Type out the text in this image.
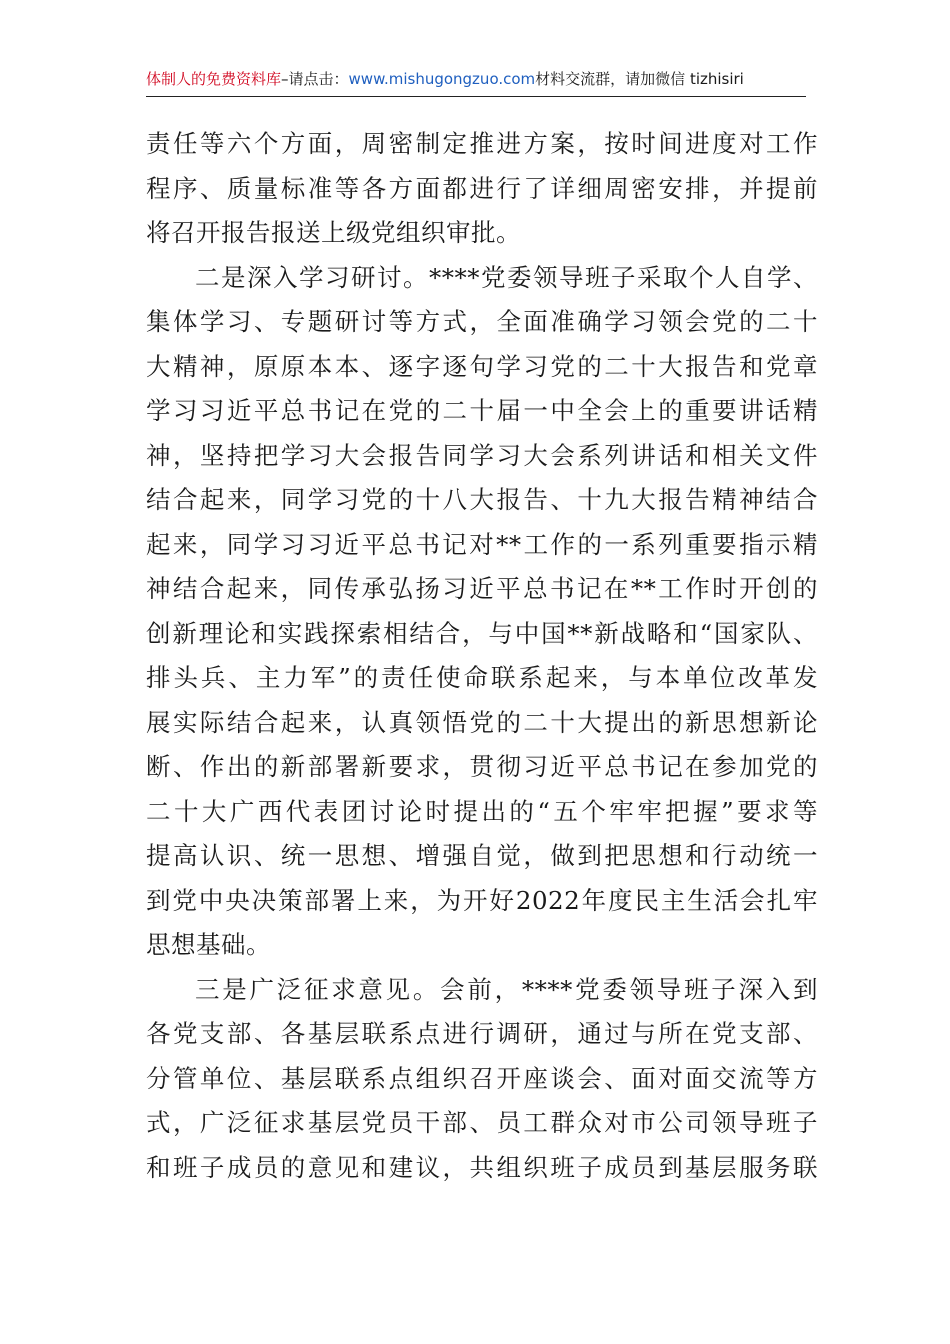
体制人的免费资料库–请点击：www.mishugongzuo.com材料交流群，请加微信 tizhisiri
责任等六个方面，周密制定推进方案，按时间进度对工作
程序、质量标准等各方面都进行了详细周密安排，并提前
将召开报告报送上级党组织审批。
二是深入学习研讨。****党委领导班子采取个人自学、
集体学习、专题研讨等方式，全面准确学习领会党的二十
大精神，原原本本、逐字逐句学习党的二十大报告和党章
学习习近平总书记在党的二十届一中全会上的重要讲话精
神，坚持把学习大会报告同学习大会系列讲话和相关文件
结合起来，同学习党的十八大报告、十九大报告精神结合
起来，同学习习近平总书记对**工作的一系列重要指示精
神结合起来，同传承弘扬习近平总书记在**工作时开创的
创新理论和实践探索相结合，与中国**新战略和“国家队、
排头兵、主力军”的责任使命联系起来，与本单位改革发
展实际结合起来，认真领悟党的二十大提出的新思想新论
断、作出的新部署新要求，贯彻习近平总书记在参加党的
二十大广西代表团讨论时提出的“五个牢牢把握”要求等
提高认识、统一思想、增强自觉，做到把思想和行动统一
到党中央决策部署上来，为开好2022年度民主生活会扎牢
思想基础。
三是广泛征求意见。会前，****党委领导班子深入到
各党支部、各基层联系点进行调研，通过与所在党支部、
分管单位、基层联系点组织召开座谈会、面对面交流等方
式，广泛征求基层党员干部、员工群众对市公司领导班子
和班子成员的意见和建议，共组织班子成员到基层服务联
